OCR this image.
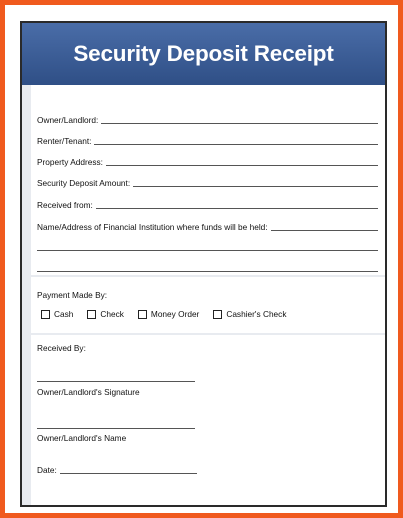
Security Deposit Receipt
Owner/Landlord:
Renter/Tenant:
Property Address:
Security Deposit Amount:
Received from:
Name/Address of Financial Institution where funds will be held:
Payment Made By:
Cash	Check	Money Order	Cashier's Check
Received By:
Owner/Landlord's Signature
Owner/Landlord's Name
Date:
